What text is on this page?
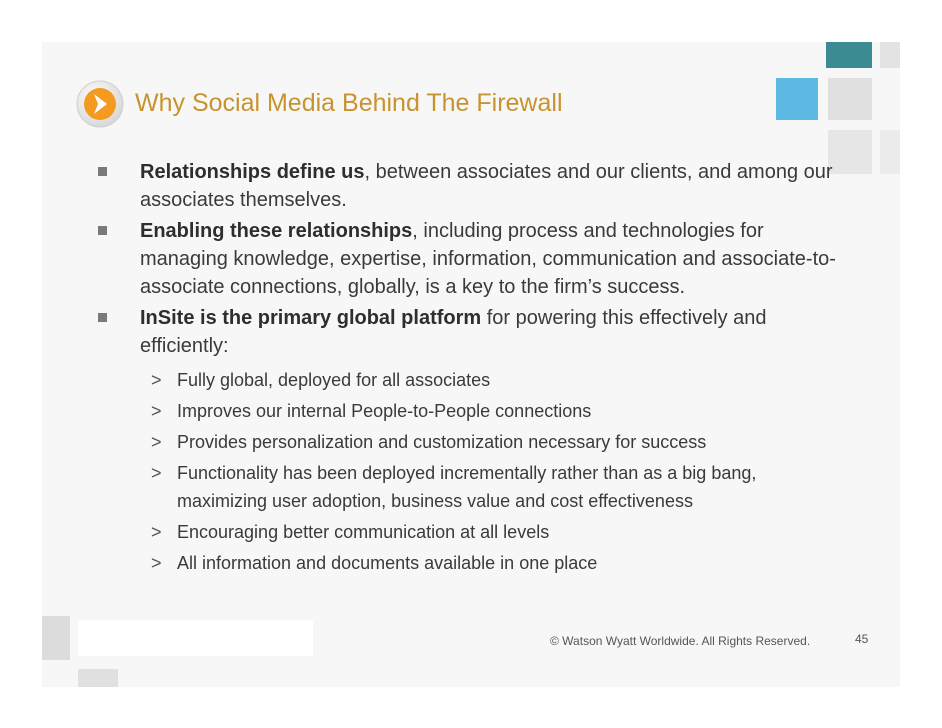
Why Social Media Behind The Firewall
Relationships define us, between associates and our clients, and among our associates themselves.
Enabling these relationships, including process and technologies for managing knowledge, expertise, information, communication and associate-to-associate connections, globally, is a key to the firm’s success.
InSite is the primary global platform for powering this effectively and efficiently:
> Fully global, deployed for all associates
> Improves our internal People-to-People connections
> Provides personalization and customization necessary for success
> Functionality has been deployed incrementally rather than as a big bang, maximizing user adoption, business value and cost effectiveness
> Encouraging better communication at all levels
> All information and documents available in one place
© Watson Wyatt Worldwide. All Rights Reserved.	45
